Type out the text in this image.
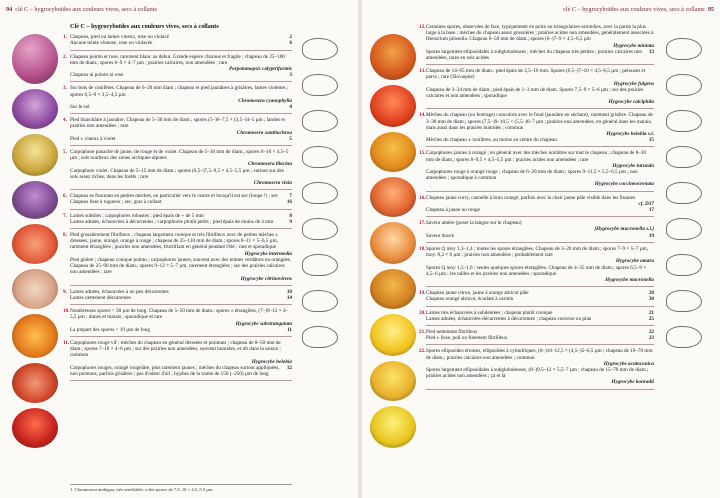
94 clé C – hygrocyboïdes aux couleurs vives, secs à collants
Clé C – hygrocyboïdes aux couleurs vives, secs à collants
1. Chapeau, pied ou lames vineux, rose ou violacé	2
Aucune teinte vineuse, rose ou violacée	6
2. Chapeau pointu et rose, rarement blanc au début. Grande espèce charnue et fragile ; chapeau de 25–100 mm de diam.; spores 6–9 × 4–7 µm ; prairies calcaires, non amendées ; rare
Porpolomopsis calyptriformis
Chapeau ni pointu ni rose	3
3. Sur bois de conifères. Chapeau de 6–20 mm diam ; chapeau et pied jaunâtres à grisâtres, lames violettes ; spores 6,5–9 × 3,5–4,5 µm
Chromosera cyanophylla
Sur le sol	4
4. Pied blanchâtre à jaunâtre. Chapeau de 5–30 mm de diam.; spores (5–)6–7,5 × (3,5–)4–5 µm ; landes et prairies non amendées ; rare
Chromosera xanthochroa
Pied ± vineux à violet	5
5. Carpophore panaché de jaune, de rouge et de violet. Chapeau de 5–30 mm de diam.; spores 8–10 × 4,5–5 µm ; sols tourbeux des zones arctiques-alpines
Chromosera lilacina
Carpophore violet. Chapeau de 5–15 mm de diam.; spores (6,5–)7,5–9,5 × 4,5–5,5 µm ; surtout sur des sols assez riches, dans les forêts ; rare
Chromosera viola
6. Chapeau se fissurant en petites mèches, en particulier vers le centre et lorsqu'il est sec (loupe !) ; sec	7
Chapeau lisse à rugueux ; sec, gras à collant	16
7. Lames subtiles ; carpophores robustes ; pied épais de + de 5 mm	8
Lames adnées, échancrées à décurrentes ; carpophores plutôt petits ; pied épais de moins de 4 mm	9
8. Pied grossièrement fibrilleux ; chapeau largement conique et très fibrilleux avec de petites mèches ± dressées, jaune, orangé, orange à rouge ; chapeau de 25–110 mm de diam.; spores 8–11 × 5–6,5 µm, rarement étranglées ; prairies non amendées, fructifiant en général pendant l'été ; rare et sporadique
Hygrocybe intermedia
Pied glabre ; chapeau conique pointu ; carpophores jaunes, souvent avec des teintes verdâtres ou orangées. Chapeau de 25–90 mm de diam.; spores 9–12 × 5–7 µm, rarement étranglées ; sur des prairies calcaires non amendées ; rare
Hygrocybe citrinovirens
9. Lames adnées, échancrées à un peu décurrentes	10
Lames nettement décurrentes	14
10. Nombreuses spores > 30 µm de long. Chapeau de 5–50 mm de diam.; spores ± étranglées, (7–)9–12 × 4–5,5 µm ; dunes et marais ; sporadique et rare
Hygrocybe substrangulata
La plupart des spores < 10 µm de long	11
11. Carpophores rouge vif ; mèches du chapeau en général dressées et pointues ; chapeau de 8–50 mm de diam.; spores 7–10 × 4–6 µm ; sur des prairies non amendées, souvent humides, et tôt dans la saison ; commun
Hygrocybe helobia
Carpophores rouges, orangé rougeâtre, plus rarement jaunes ; mèches du chapeau surtout appliquées, non pointues, parfois grisâtres ; pas d'odeur d'ail ; hyphes de la trame de 150 (–250) µm de long
12
1. Chromosera ambigua, très semblable, a des spores de 7,5–10 × 4,5–5,5 µm.
clé C – hygrocyboïdes aux couleurs vives, secs à collants 95
12. Certaines spores, observées de face, typiquement en poire ou triangulaires-arrondies, avec la partie la plus large à la base ; mèches du chapeau assez grossières ; prairies acides non amendées, généralement associées à Hieracium pilosella. Chapeau 6–50 mm de diam.; spores (6–)7–9 × 4,5–6,5 µm
Hygrocybe miniata
Spores largement ellipsoïdales à subglobuleuses ; mèches du chapeau très petites ; prairies calcaires non amendées, rares en sols acides
13
13. Chapeau de 14–65 mm de diam.; pied épais de 2,5–16 mm. Spores (6,5–)7–10 × 4,5–6,5 µm ; pelouses et parcs ; rare (Slovaquie)
Hygrocybe fulgens
Chapeau de 3–24 mm de diam.; pied épais de 1–3 mm de diam. Spores 7,5–9 × 5–6 µm ; sur des prairies calcaires et non amendées ; sporadique
Hygrocybe calciphila
14. Mèches du chapeau (ou feutrage) concolore avec le fond (jaunâtre en séchant), rarement grisâtre. Chapeau de 3–30 mm de diam.; spores (7,5–)9–10,5 × (5,5–)6–7 µm ; prairies non amendées, en général dans les marais, mais aussi dans les prairies humides ; commun
Hygrocybe helobia s.l.
Mèches du chapeau ± noirâtres, au moins au centre du chapeau	15
15. Carpophores jaunes à orangé ; en général avec des mèches noirâtres sur tout le chapeau ; chapeau de 8–30 mm de diam.; spores 8–9,5 × 4,5–5,5 µm ; prairies acides non amendées ; rare
Hygrocybe turunda
Carpophores rouge à orangé rouge ; chapeau de 6–20 mm de diam.; spores 9–11,5 × 5,5–6,5 µm ; non amendées ; sporadique à commun
Hygrocybe coccineocrenata
16. Chapeau jaune curry, cannelle à brun orangé, parfois avec la chair jaune pâle visible dans les fissures
cf. D37
Chapeau à jaune ou rouge	17
17. Saveur amère (poser la langue sur le chapeau)
[Hygrocybe mucronella s.l.]
Saveur douce	19
18. Spores Q moy 1,3–1,4 ; toutes les spores étranglées. Chapeau de 3–20 mm de diam.; spores 7–9 × 5–7 µm, moy. 8,2 × 6 µm ; prairies non amendées ; probablement rare
Hygrocybe amara
Spores Q moy 1,5–1,6 ; seules quelques spores étranglées. Chapeau de 4–35 mm de diam.; spores 6,5–9 × 4,5–6 µm ; les tailles et les prairies non amendées ; sporadique
Hygrocybe mucronella
19. Chapeau jaune citron, jaune à orange abricot pâle	20
Chapeau orangé abricot, écarlate à carmin	30
20. Lames très échancrées à subdentées ; chapeau plutôt conique	21
Lames adnées, échancrées-décurrentes à décurrentes ; chapeau convexe ou plan	25
21. Pied nettement fibrilleux	22
Pied ± lisse, poli ou finement fibrilleux	23
22. Spores ellipsoïdes étroites, ellipsoïdes à cylindriques, (8–)10–12,5 × (4,5–)5–6,5 µm ; chapeau de 10–70 mm de diam.; prairies calcaires non amendées ; commun
Hygrocybe acutoconica
Spores largement ellipsoïdales à subglobuleuses, (8–)9,5–12 × 5,5–7 µm ; chapeau de 15–70 mm de diam.; prairies acides non amendées ; çà et là
Hygrocybe konradii
